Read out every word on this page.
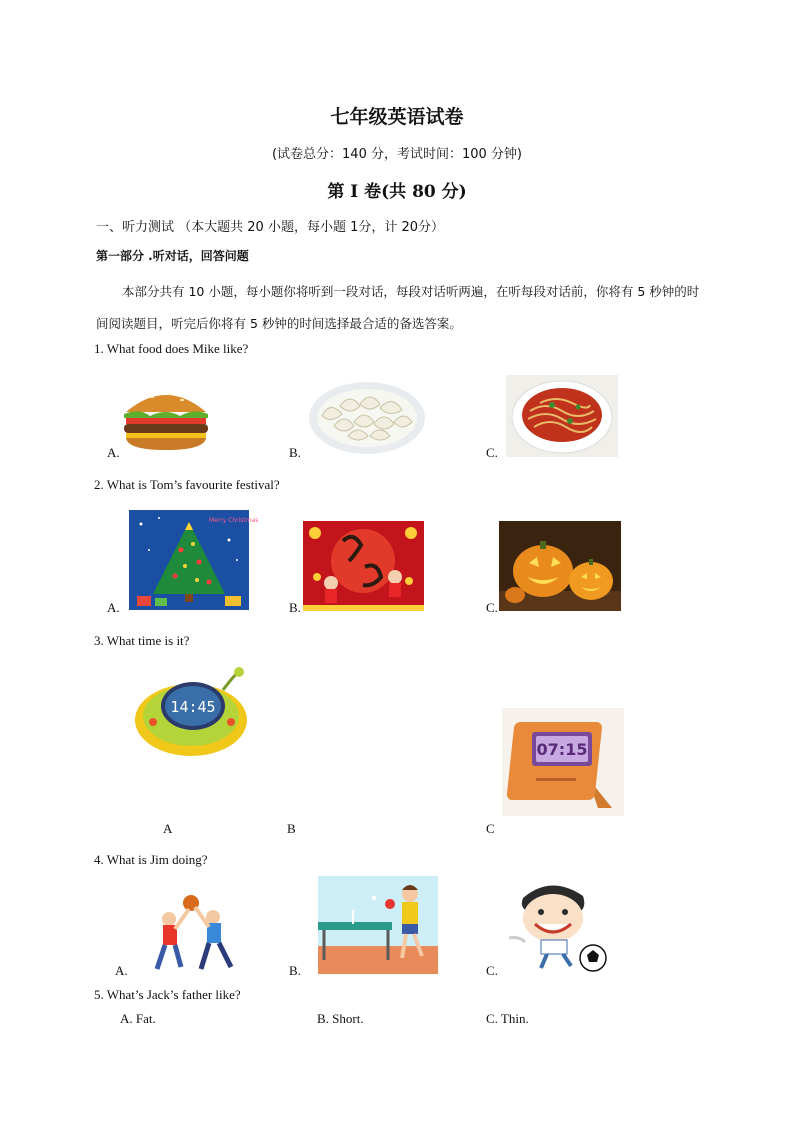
七年级英语试卷
(试卷总分：140 分，考试时间：100 分钟)
第 I 卷(共 80 分)
一、听力测试 （本大题共 20 小题，每小题 1分，计 20分）
第一部分 .听对话，回答问题
本部分共有 10 小题，每小题你将听到一段对话，每段对话听两遍，在听每段对话前，你将有 5 秒钟的时间阅读题目，听完后你将有 5 秒钟的时间选择最合适的备选答案。
1. What food does Mike like?
A.	B.	C.
2. What is Tom’s favourite festival?
A.
Merry Christmas
B.	C.
3. What time is it?
14:45
07:15
A	B	C
4. What is Jim doing?
A.	B.	C.
5. What’s Jack’s father like?
A. Fat.	B. Short.	C. Thin.
